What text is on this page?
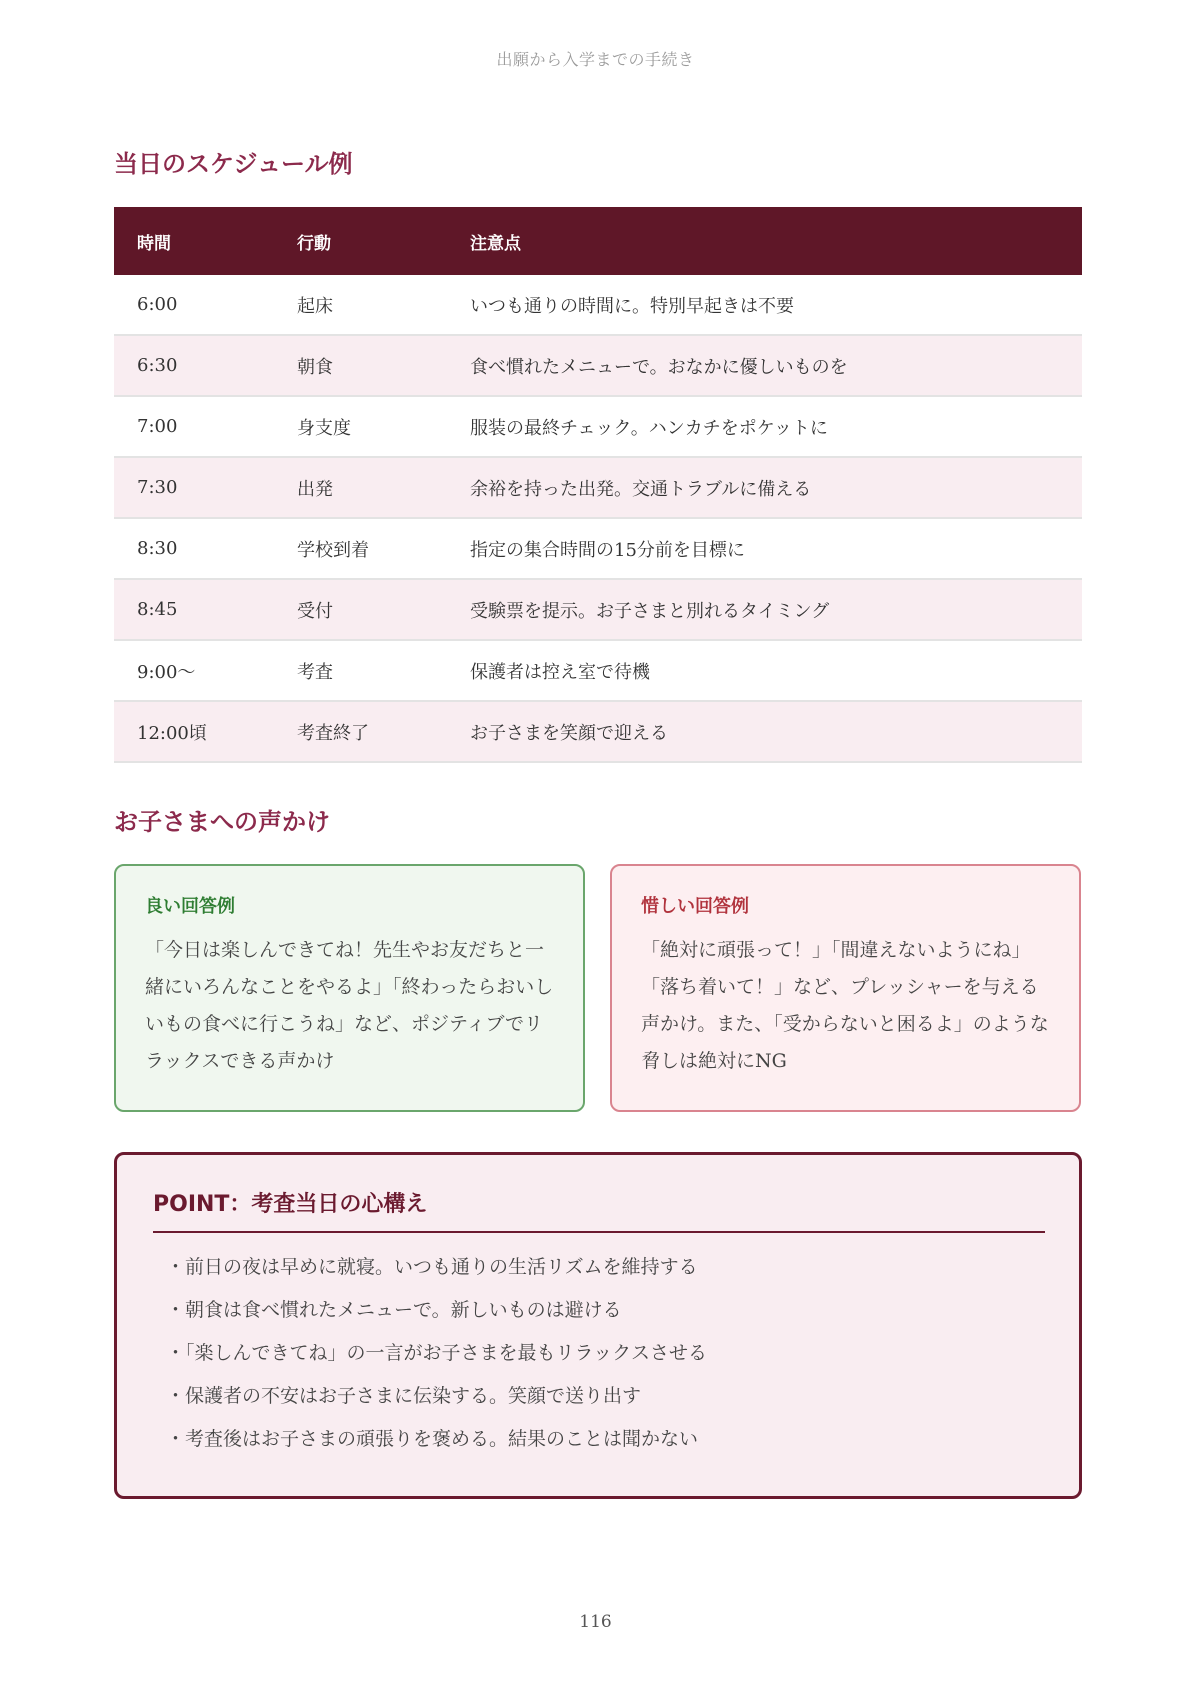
出願から入学までの手続き
当日のスケジュール例
時間	行動	注意点
6:00	起床	いつも通りの時間に。特別早起きは不要
6:30	朝食	食べ慣れたメニューで。おなかに優しいものを
7:00	身支度	服装の最終チェック。ハンカチをポケットに
7:30	出発	余裕を持った出発。交通トラブルに備える
8:30	学校到着	指定の集合時間の15分前を目標に
8:45	受付	受験票を提示。お子さまと別れるタイミング
9:00〜	考査	保護者は控え室で待機
12:00頃	考査終了	お子さまを笑顔で迎える
お子さまへの声かけ
良い回答例

「今日は楽しんできてね！先生やお友だちと一緒にいろんなことをやるよ」「終わったらおいしいもの食べに行こうね」など、ポジティブでリラックスできる声かけ

惜しい回答例

「絶対に頑張って！」「間違えないようにね」「落ち着いて！」など、プレッシャーを与える声かけ。また、「受からないと困るよ」のような脅しは絶対にNG

POINT：考査当日の心構え
・ 前日の夜は早めに就寝。いつも通りの生活リズムを維持する
・ 朝食は食べ慣れたメニューで。新しいものは避ける
・ 「楽しんできてね」の一言がお子さまを最もリラックスさせる
・ 保護者の不安はお子さまに伝染する。笑顔で送り出す
・ 考査後はお子さまの頑張りを褒める。結果のことは聞かない
116
